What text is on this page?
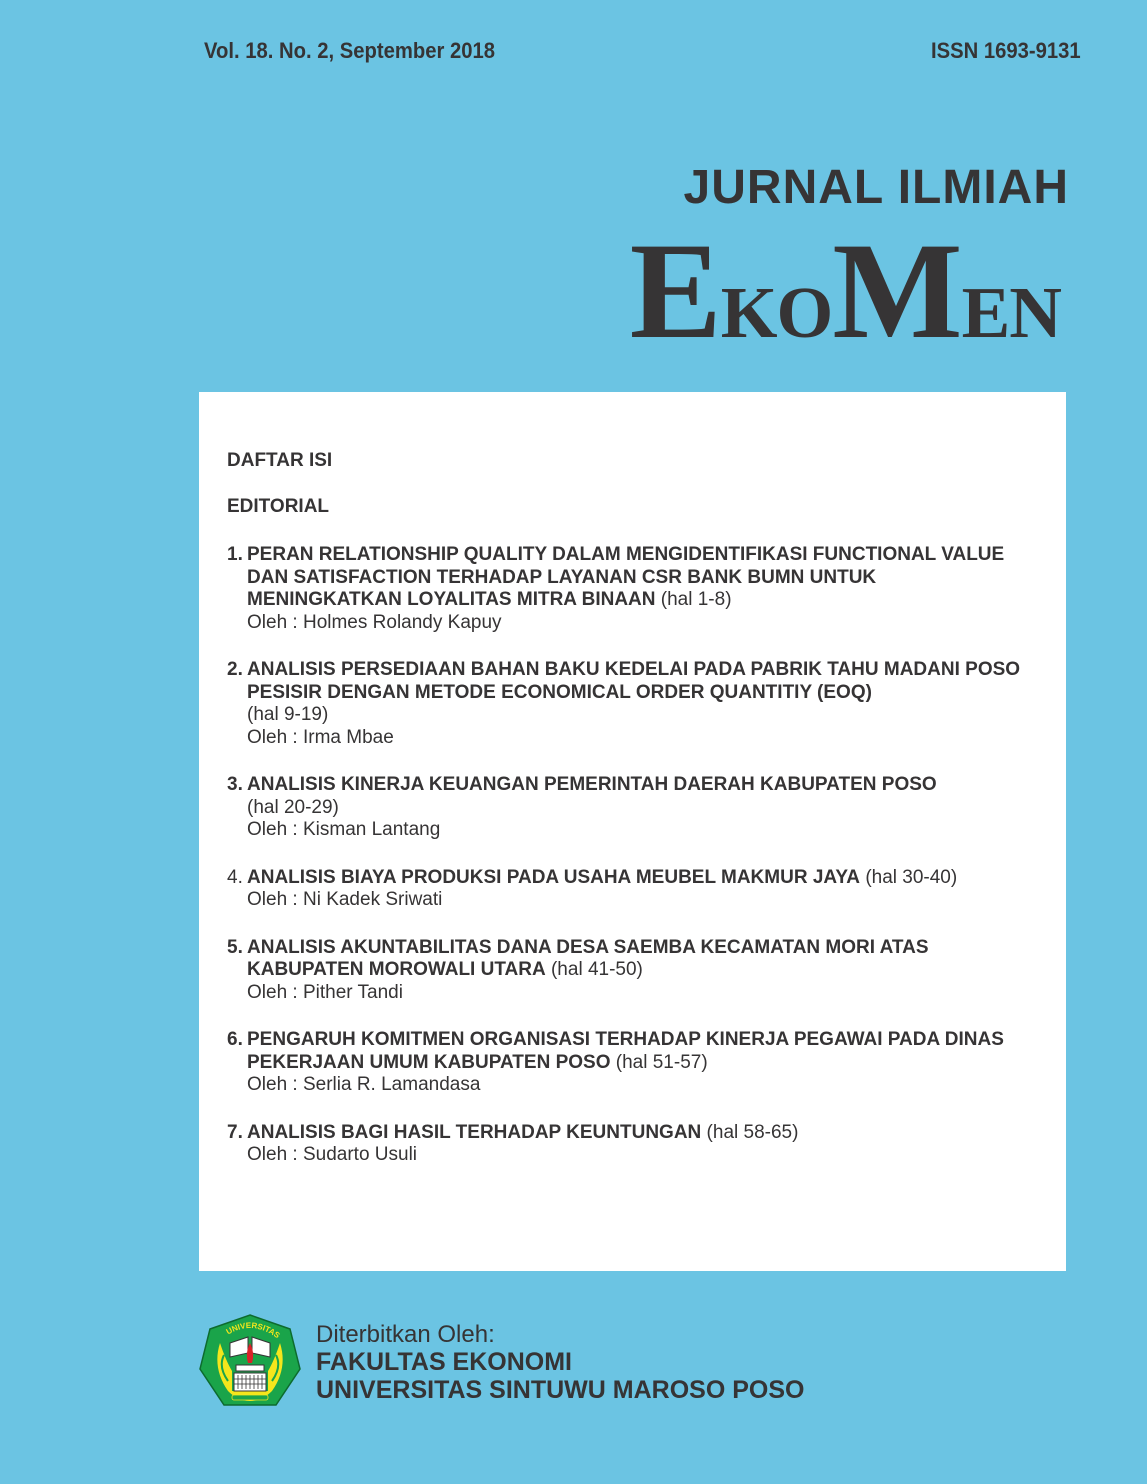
Vol. 18. No. 2, September 2018	ISSN 1693-9131
JURNAL ILMIAH
EkoMen
DAFTAR ISI
EDITORIAL
1. PERAN RELATIONSHIP QUALITY DALAM MENGIDENTIFIKASI FUNCTIONAL VALUE DAN SATISFACTION TERHADAP LAYANAN CSR BANK BUMN UNTUK MENINGKATKAN LOYALITAS MITRA BINAAN (hal 1-8)
Oleh : Holmes Rolandy Kapuy
2. ANALISIS PERSEDIAAN BAHAN BAKU KEDELAI PADA PABRIK TAHU MADANI POSO PESISIR DENGAN METODE ECONOMICAL ORDER QUANTITIY (EOQ)
(hal 9-19)
Oleh : Irma Mbae
3. ANALISIS KINERJA KEUANGAN PEMERINTAH DAERAH KABUPATEN POSO
(hal 20-29)
Oleh : Kisman Lantang
4. ANALISIS BIAYA PRODUKSI PADA USAHA MEUBEL MAKMUR JAYA (hal 30-40)
Oleh : Ni Kadek Sriwati
5. ANALISIS AKUNTABILITAS DANA DESA SAEMBA KECAMATAN MORI ATAS KABUPATEN MOROWALI UTARA (hal 41-50)
Oleh : Pither Tandi
6. PENGARUH KOMITMEN ORGANISASI TERHADAP KINERJA PEGAWAI PADA DINAS PEKERJAAN UMUM KABUPATEN POSO (hal 51-57)
Oleh : Serlia R. Lamandasa
7. ANALISIS BAGI HASIL TERHADAP KEUNTUNGAN (hal 58-65)
Oleh : Sudarto Usuli
UNIVERSITAS Diterbitkan Oleh:
FAKULTAS EKONOMI
UNIVERSITAS SINTUWU MAROSO POSO
